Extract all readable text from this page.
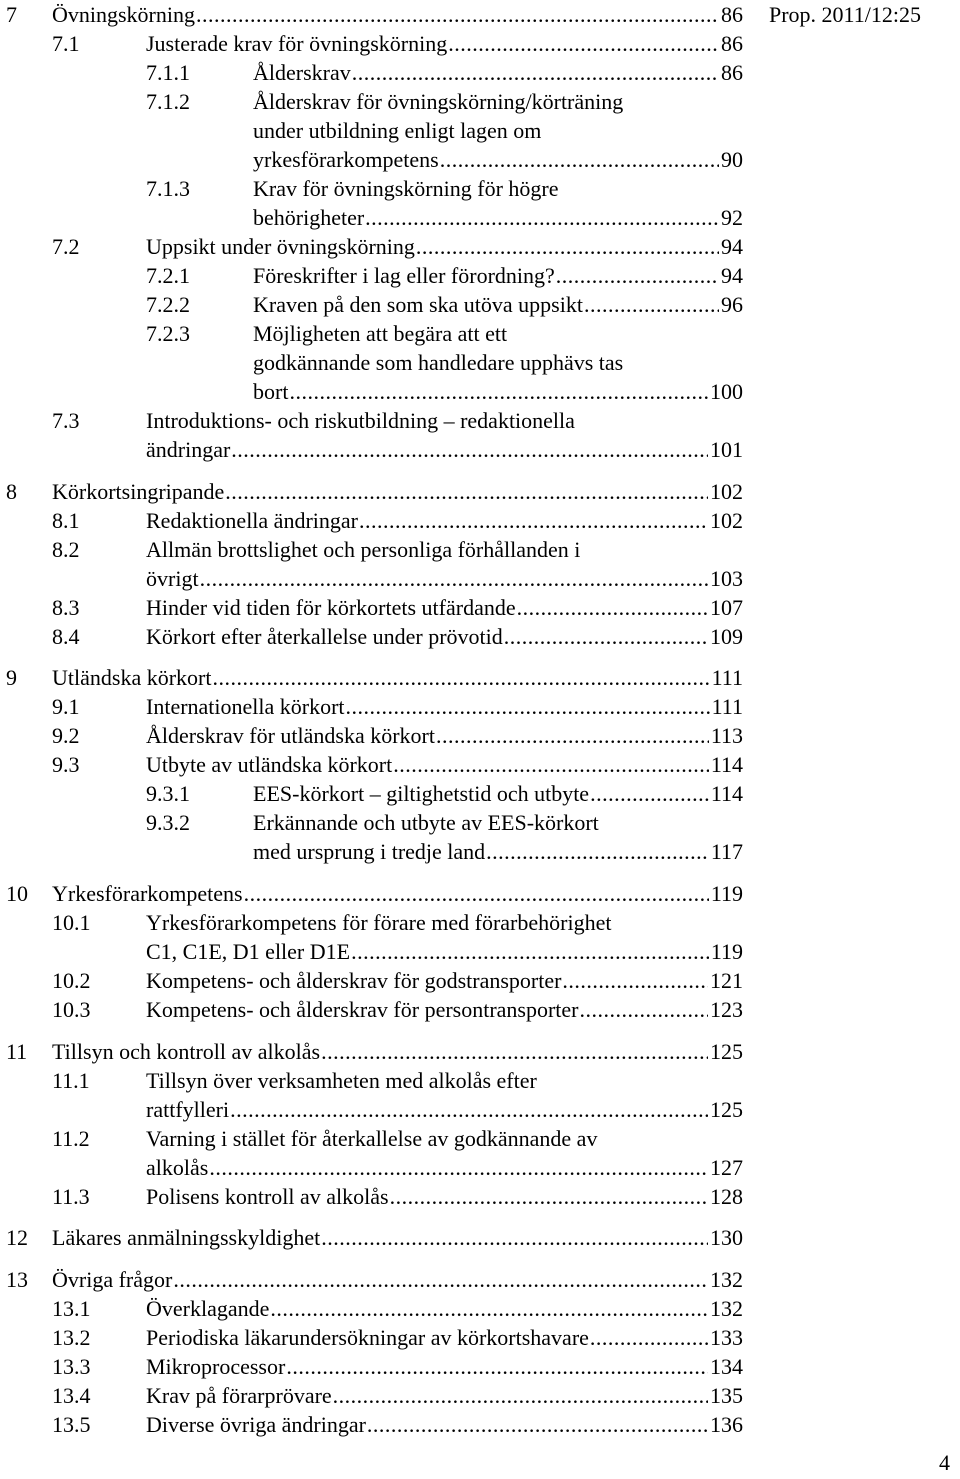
Prop. 2011/12:25
7 Övningskörning .....	86
7.1	Justerade krav för övningskörning .....	86
7.1.1	Ålderskrav .....	86
7.1.2	Ålderskrav för övningskörning/körträning
under utbildning enligt lagen om
yrkesförarkompetens .....	90
7.1.3	Krav för övningskörning för högre
behörigheter .....	92
7.2	Uppsikt under övningskörning .....	94
7.2.1	Föreskrifter i lag eller förordning? .....	94
7.2.2	Kraven på den som ska utöva uppsikt .....	96
7.2.3	Möjligheten att begära att ett
godkännande som handledare upphävs tas
bort .....	100
7.3	Introduktions- och riskutbildning – redaktionella
ändringar .....	101
8 Körkortsingripande .....	102
8.1	Redaktionella ändringar .....	102
8.2	Allmän brottslighet och personliga förhållanden i
övrigt .....	103
8.3	Hinder vid tiden för körkortets utfärdande .....	107
8.4	Körkort efter återkallelse under prövotid .....	109
9 Utländska körkort .....	111
9.1	Internationella körkort .....	111
9.2	Ålderskrav för utländska körkort .....	113
9.3	Utbyte av utländska körkort .....	114
9.3.1	EES-körkort – giltighetstid och utbyte .....	114
9.3.2	Erkännande och utbyte av EES-körkort
med ursprung i tredje land .....	117
10 Yrkesförarkompetens .....	119
10.1	Yrkesförarkompetens för förare med förarbehörighet
C1, C1E, D1 eller D1E .....	119
10.2	Kompetens- och ålderskrav för godstransporter .....	121
10.3	Kompetens- och ålderskrav för persontransporter .....	123
11 Tillsyn och kontroll av alkolås .....	125
11.1	Tillsyn över verksamheten med alkolås efter
rattfylleri .....	125
11.2	Varning i stället för återkallelse av godkännande av
alkolås .....	127
11.3	Polisens kontroll av alkolås .....	128
12 Läkares anmälningsskyldighet .....	130
13 Övriga frågor .....	132
13.1	Överklagande .....	132
13.2	Periodiska läkarundersökningar av körkortshavare .....	133
13.3	Mikroprocessor .....	134
13.4	Krav på förarprövare .....	135
13.5	Diverse övriga ändringar .....	136
4
